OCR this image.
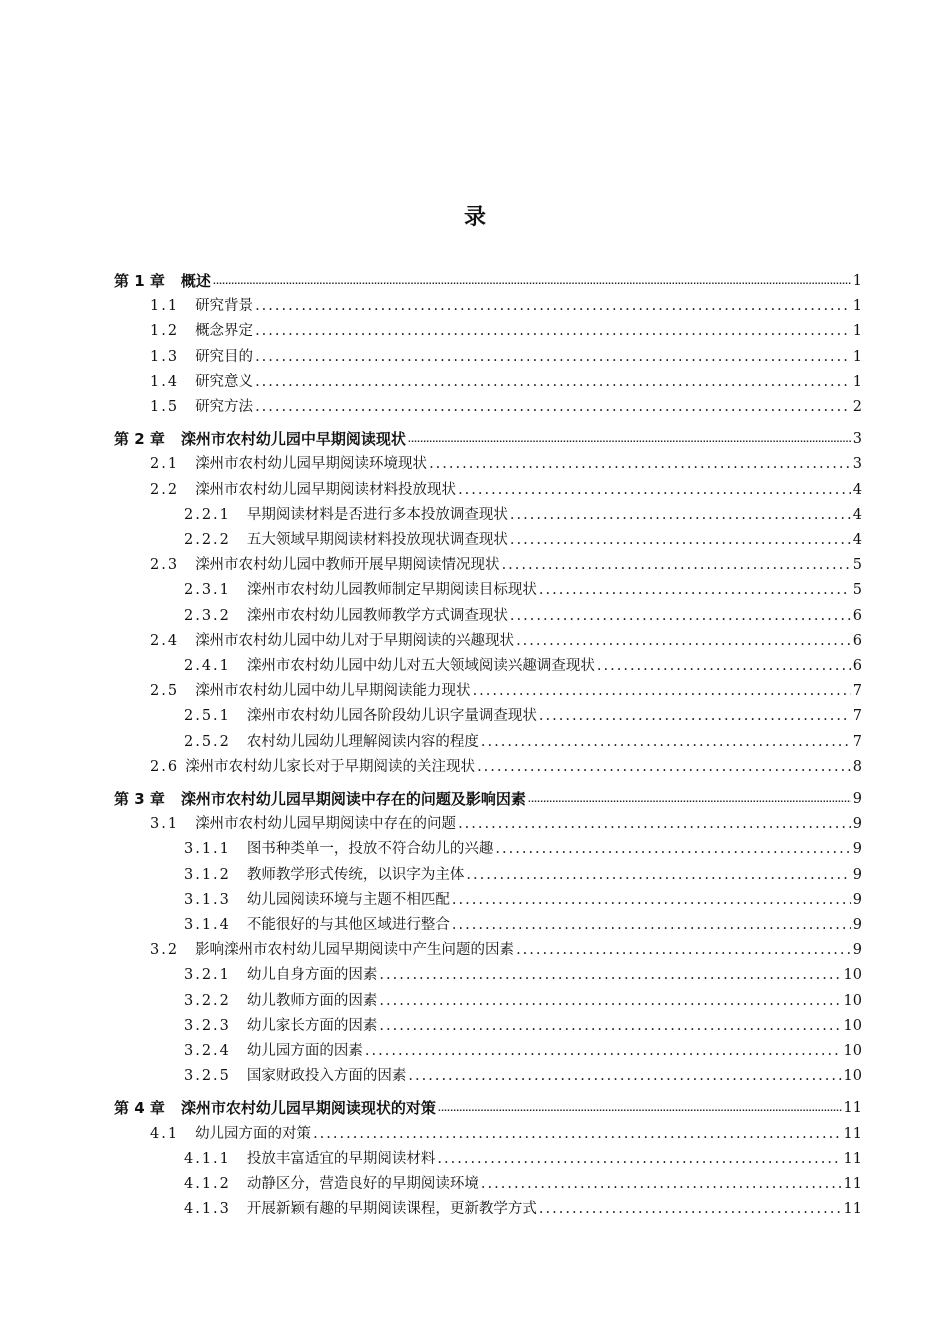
录
第 1 章 概述 .....	1
1.1 研究背景 .....	1
1.2 概念界定 .....	1
1.3 研究目的 .....	1
1.4 研究意义 .....	1
1.5 研究方法 .....	2
第 2 章 滦州市农村幼儿园中早期阅读现状 .....	3
2.1 滦州市农村幼儿园早期阅读环境现状 .....	3
2.2 滦州市农村幼儿园早期阅读材料投放现状 .....	4
2.2.1 早期阅读材料是否进行多本投放调查现状 .....	4
2.2.2 五大领域早期阅读材料投放现状调查现状 .....	4
2.3 滦州市农村幼儿园中教师开展早期阅读情况现状 .....	5
2.3.1 滦州市农村幼儿园教师制定早期阅读目标现状 .....	5
2.3.2 滦州市农村幼儿园教师教学方式调查现状 .....	6
2.4 滦州市农村幼儿园中幼儿对于早期阅读的兴趣现状 .....	6
2.4.1 滦州市农村幼儿园中幼儿对五大领域阅读兴趣调查现状 .....	6
2.5 滦州市农村幼儿园中幼儿早期阅读能力现状 .....	7
2.5.1 滦州市农村幼儿园各阶段幼儿识字量调查现状 .....	7
2.5.2 农村幼儿园幼儿理解阅读内容的程度 .....	7
2.6 滦州市农村幼儿家长对于早期阅读的关注现状 .....	8
第 3 章 滦州市农村幼儿园早期阅读中存在的问题及影响因素 .....	9
3.1 滦州市农村幼儿园早期阅读中存在的问题 .....	9
3.1.1 图书种类单一，投放不符合幼儿的兴趣 .....	9
3.1.2 教师教学形式传统，以识字为主体 .....	9
3.1.3 幼儿园阅读环境与主题不相匹配 .....	9
3.1.4 不能很好的与其他区域进行整合 .....	9
3.2 影响滦州市农村幼儿园早期阅读中产生问题的因素 .....	9
3.2.1 幼儿自身方面的因素 .....	10
3.2.2 幼儿教师方面的因素 .....	10
3.2.3 幼儿家长方面的因素 .....	10
3.2.4 幼儿园方面的因素 .....	10
3.2.5 国家财政投入方面的因素 .....	10
第 4 章 滦州市农村幼儿园早期阅读现状的对策 .....	11
4.1 幼儿园方面的对策 .....	11
4.1.1 投放丰富适宜的早期阅读材料 .....	11
4.1.2 动静区分，营造良好的早期阅读环境 .....	11
4.1.3 开展新颖有趣的早期阅读课程，更新教学方式 .....	11
